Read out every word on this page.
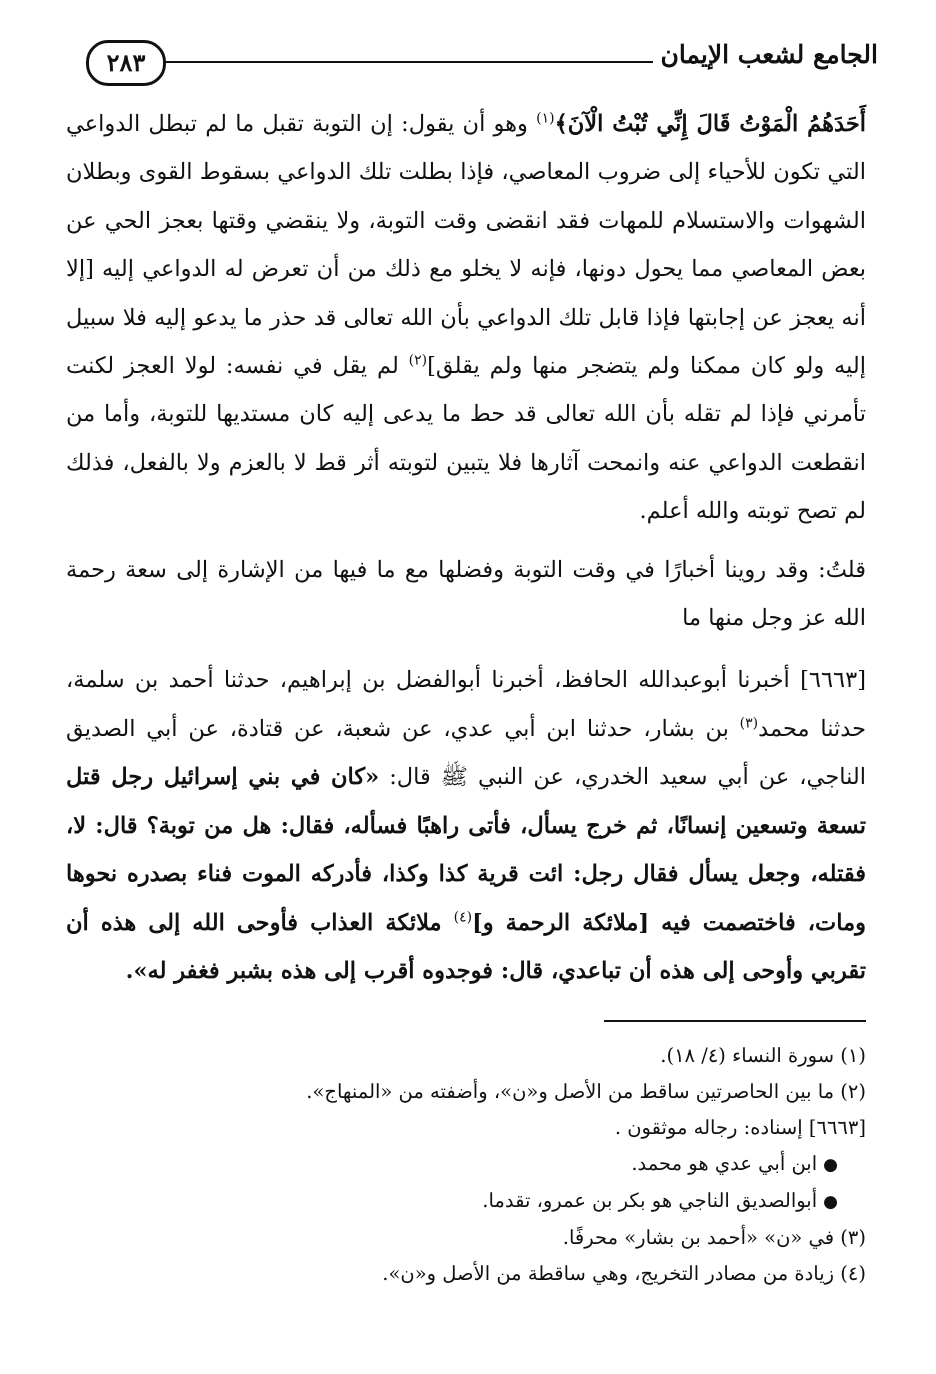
الجامع لشعب الإيمان
٢٨٣

أَحَدَهُمُ الْمَوْتُ قَالَ إِنِّي تُبْتُ الْآنَ﴾$^{(١)}$ وهو أن يقول: إن التوبة تقبل ما لم تبطل الدواعي التي تكون للأحياء إلى ضروب المعاصي، فإذا بطلت تلك الدواعي بسقوط القوى وبطلان الشهوات والاستسلام للمهات فقد انقضى وقت التوبة، ولا ينقضي وقتها بعجز الحي عن بعض المعاصي مما يحول دونها، فإنه لا يخلو مع ذلك من أن تعرض له الدواعي إليه [إلا أنه يعجز عن إجابتها فإذا قابل تلك الدواعي بأن الله تعالى قد حذر ما يدعو إليه فلا سبيل إليه ولو كان ممكنا ولم يتضجر منها ولم يقلق]$^{(٢)}$ لم يقل في نفسه: لولا العجز لكنت تأمرني فإذا لم تقله بأن الله تعالى قد حط ما يدعى إليه كان مستديها للتوبة، وأما من انقطعت الدواعي عنه وانمحت آثارها فلا يتبين لتوبته أثر قط لا بالعزم ولا بالفعل، فذلك لم تصح توبته والله أعلم.

قلتُ: وقد روينا أخبارًا في وقت التوبة وفضلها مع ما فيها من الإشارة إلى سعة رحمة الله عز وجل منها ما

[٦٦٦٣] أخبرنا أبوعبدالله الحافظ، أخبرنا أبوالفضل بن إبراهيم، حدثنا أحمد بن سلمة، حدثنا محمد$^{(٣)}$ بن بشار، حدثنا ابن أبي عدي، عن شعبة، عن قتادة، عن أبي الصديق الناجي، عن أبي سعيد الخدري، عن النبي ﷺ قال: «كان في بني إسرائيل رجل قتل تسعة وتسعين إنسانًا، ثم خرج يسأل، فأتى راهبًا فسأله، فقال: هل من توبة؟ قال: لا، فقتله، وجعل يسأل فقال رجل: ائت قرية كذا وكذا، فأدركه الموت فناء بصدره نحوها ومات، فاختصمت فيه [ملائكة الرحمة و]$^{(٤)}$ ملائكة العذاب فأوحى الله إلى هذه أن تقربي وأوحى إلى هذه أن تباعدي، قال: فوجدوه أقرب إلى هذه بشبر فغفر له».

(١) سورة النساء (٤/ ١٨).

(٢) ما بين الحاصرتين ساقط من الأصل و«ن»، وأضفته من «المنهاج».

[٦٦٦٣] إسناده: رجاله موثقون .

●ابن أبي عدي هو محمد.

●أبوالصديق الناجي هو بكر بن عمرو، تقدما.

(٣) في «ن» «أحمد بن بشار» محرفًا.

(٤) زيادة من مصادر التخريج، وهي ساقطة من الأصل و«ن».
